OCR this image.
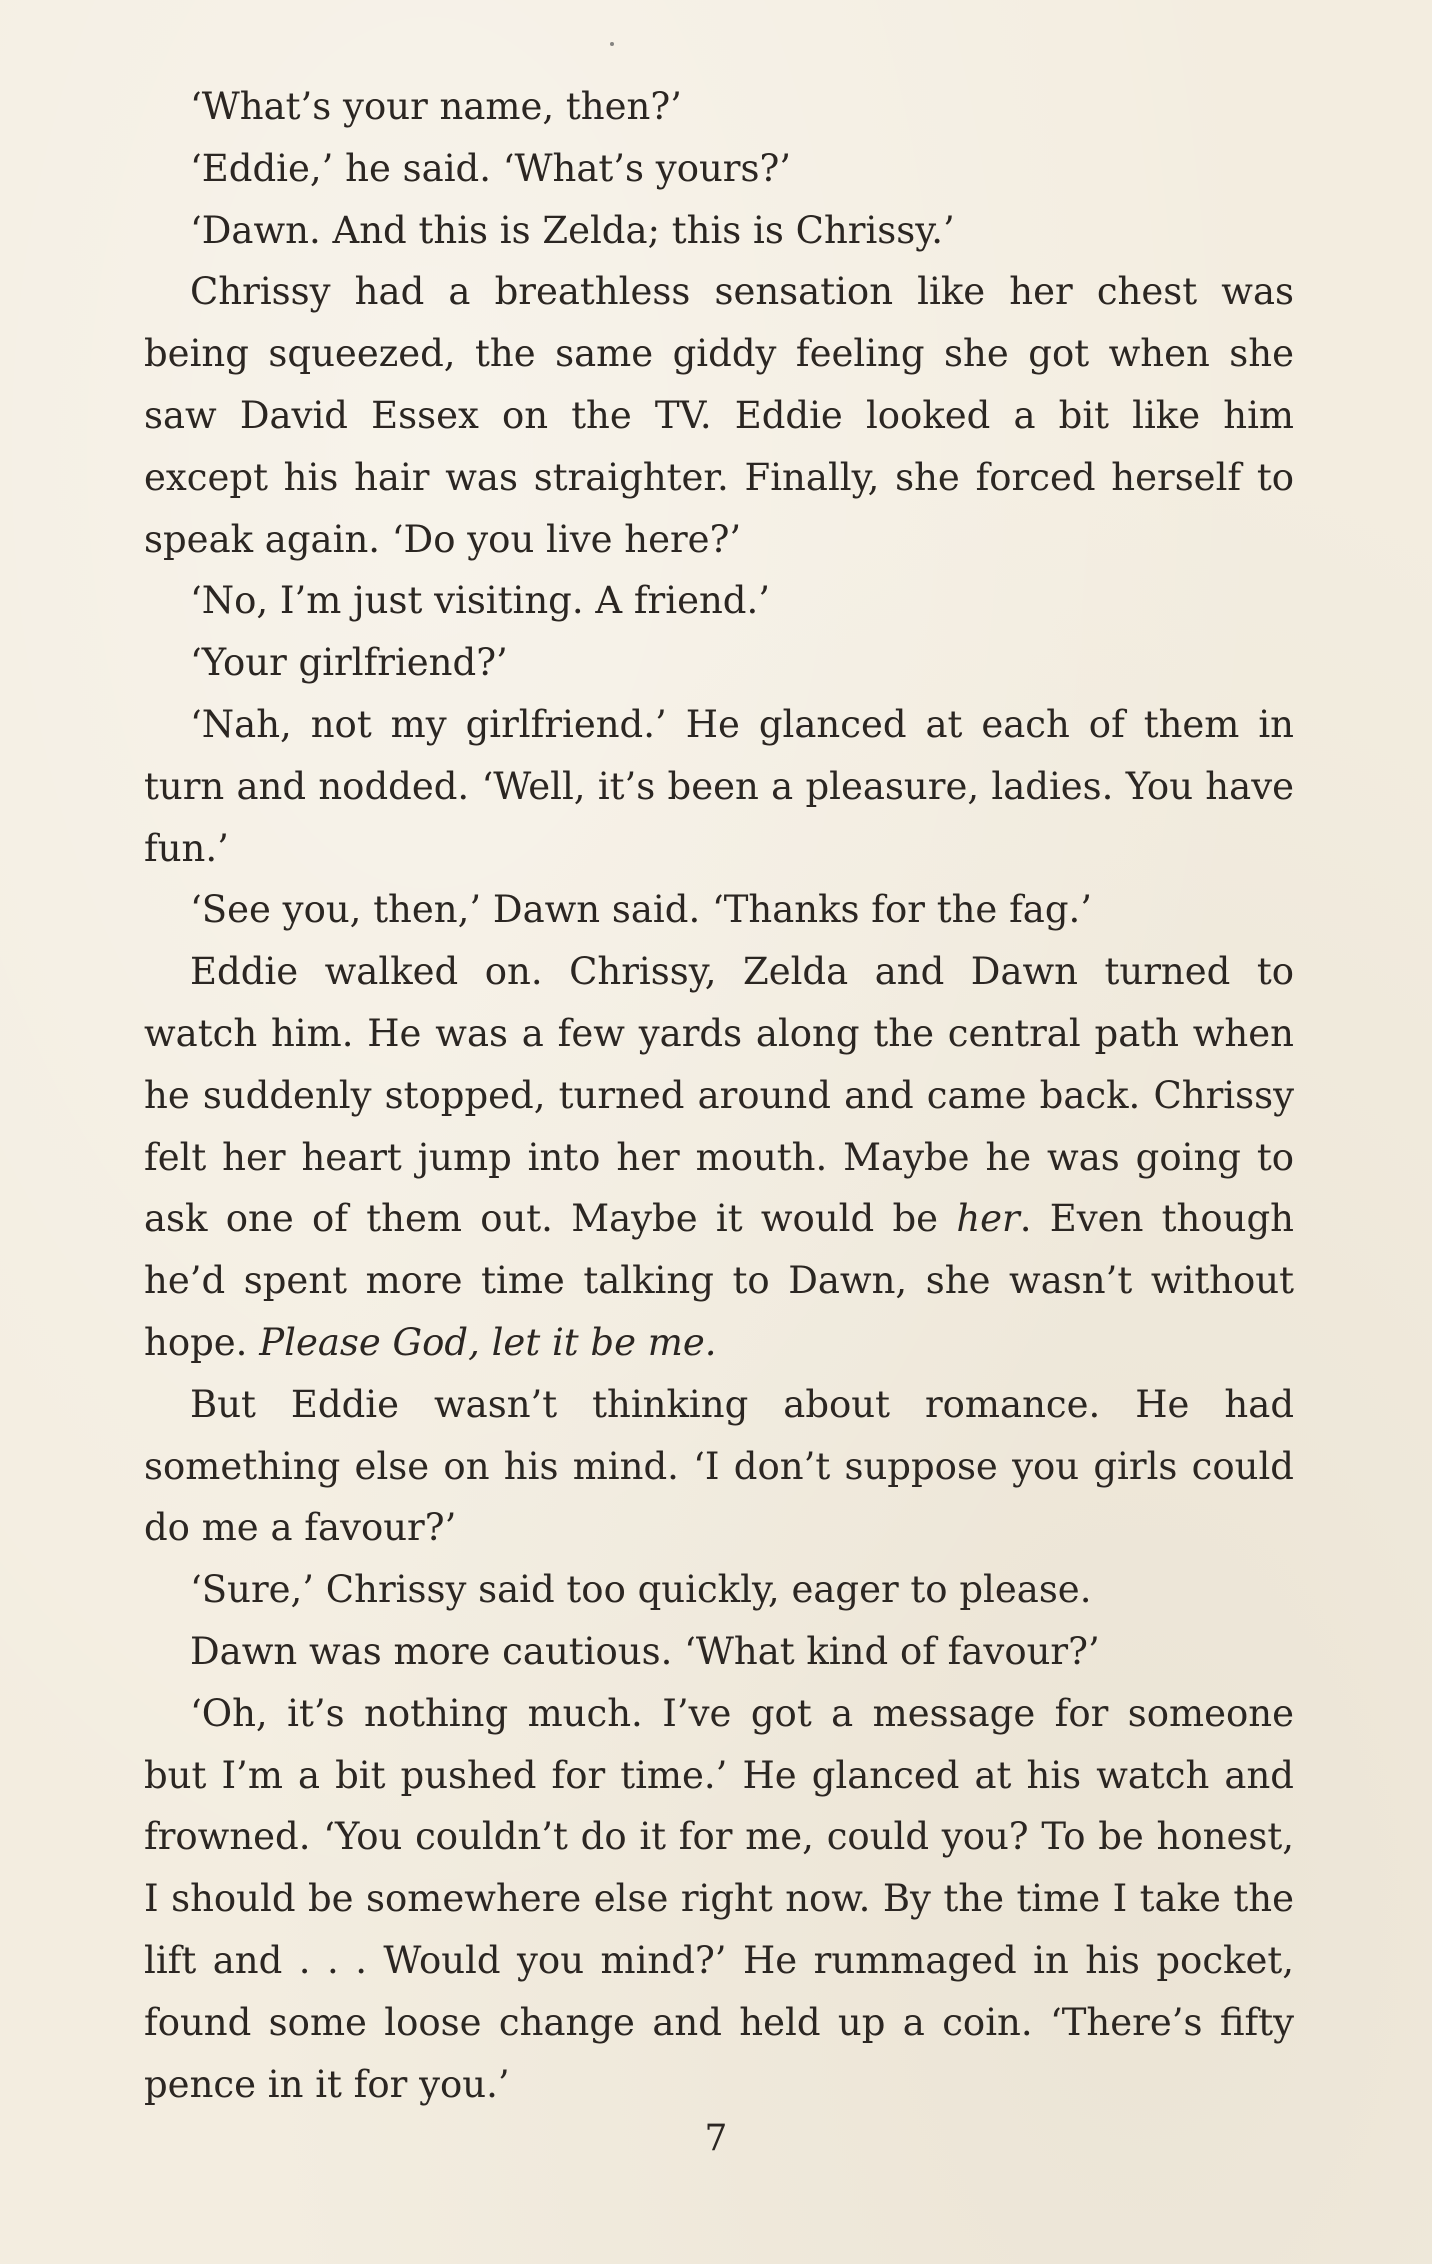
‘What’s your name, then?’

‘Eddie,’ he said. ‘What’s yours?’

‘Dawn. And this is Zelda; this is Chrissy.’

Chrissy had a breathless sensation like her chest was being squeezed, the same giddy feeling she got when she saw David Essex on the TV. Eddie looked a bit like him except his hair was straighter. Finally, she forced herself to speak again. ‘Do you live here?’

‘No, I’m just visiting. A friend.’

‘Your girlfriend?’

‘Nah, not my girlfriend.’ He glanced at each of them in turn and nodded. ‘Well, it’s been a pleasure, ladies. You have fun.’

‘See you, then,’ Dawn said. ‘Thanks for the fag.’

Eddie walked on. Chrissy, Zelda and Dawn turned to watch him. He was a few yards along the central path when he suddenly stopped, turned around and came back. Chrissy felt her heart jump into her mouth. Maybe he was going to ask one of them out. Maybe it would be her. Even though he’d spent more time talking to Dawn, she wasn’t without hope. Please God, let it be me.

But Eddie wasn’t thinking about romance. He had something else on his mind. ‘I don’t suppose you girls could do me a favour?’

‘Sure,’ Chrissy said too quickly, eager to please.

Dawn was more cautious. ‘What kind of favour?’

‘Oh, it’s nothing much. I’ve got a message for someone but I’m a bit pushed for time.’ He glanced at his watch and frowned. ‘You couldn’t do it for me, could you? To be honest, I should be somewhere else right now. By the time I take the lift and . . . Would you mind?’ He rummaged in his pocket, found some loose change and held up a coin. ‘There’s fifty pence in it for you.’

7
